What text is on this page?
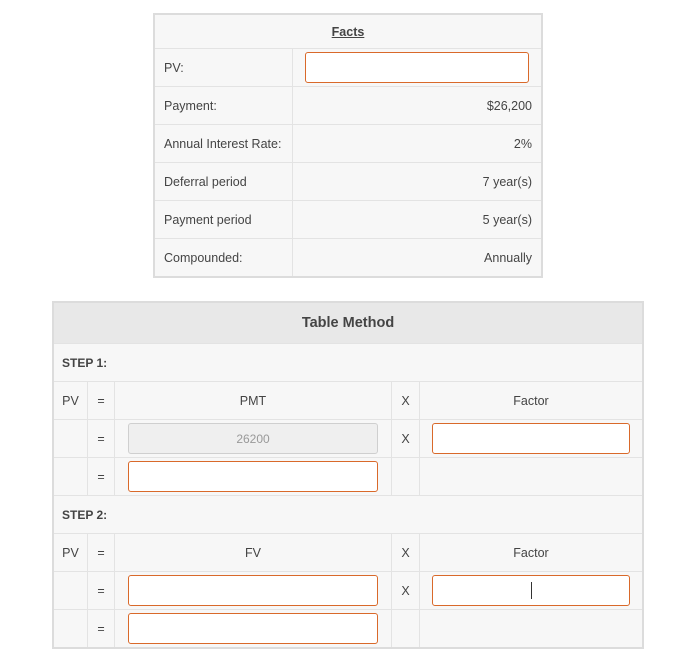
Facts	
PV:	

Payment:	$26,200
Annual Interest Rate:	2%
Deferral period	7 year(s)
Payment period	5 year(s)
Compounded:	Annually
Table Method				
STEP 1:				
PV	=	PMT	X	Factor
	=	26200	X	

	=	

STEP 2:				
PV	=	FV	X	Factor
	=		X	

	=	
